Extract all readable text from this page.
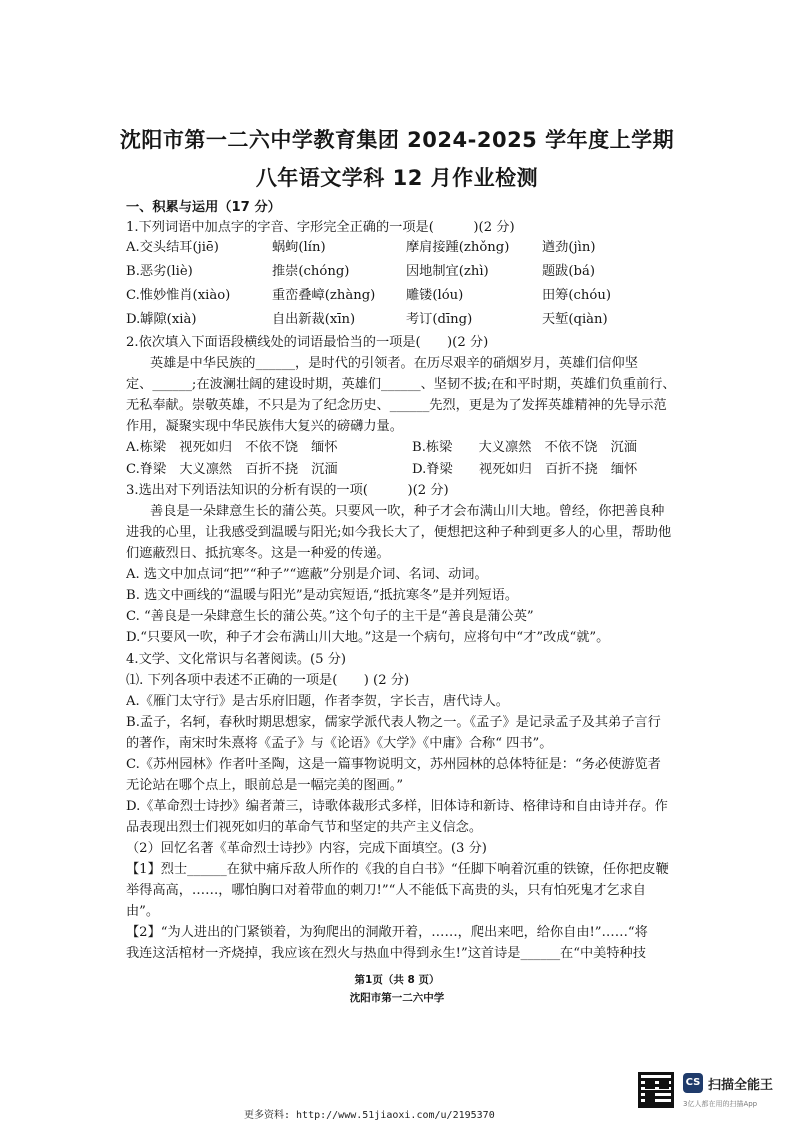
沈阳市第一二六中学教育集团 2024-2025 学年度上学期
八年语文学科 12 月作业检测
一、积累与运用（17 分）
1.下列词语中加点字的字音、字形完全正确的一项是(　　　)(2 分)
A.交头结耳(jiē)	蜗蚼(lín)	摩肩接踵(zhǒng) 遒劲(jìn)
B.恶劣(liè)	推崇(chóng)	因地制宜(zhì)	题跋(bá)
C.惟妙惟肖(xiào)	重峦叠嶂(zhàng) 雕镂(lóu)	田筹(chóu)
D.罅隙(xià)	自出新裁(xīn)	考订(dīng)	天堑(qiàn)
2.依次填入下面语段横线处的词语最恰当的一项是(　　)(2 分)
英雄是中华民族的______，是时代的引领者。在历尽艰辛的硝烟岁月，英雄们信仰坚
定、______;在波澜壮阔的建设时期，英雄们______、坚韧不拔;在和平时期，英雄们负重前行、
无私奉献。崇敬英雄，不只是为了纪念历史、______先烈，更是为了发挥英雄精神的先导示范
作用，凝聚实现中华民族伟大复兴的磅礴力量。
A.栋梁　视死如归　不依不饶　缅怀	B.栋梁　　大义凛然　不依不饶　沉湎
C.脊梁　大义凛然　百折不挠　沉湎	D.脊梁　　视死如归　百折不挠　缅怀
3.选出对下列语法知识的分析有误的一项(　　　)(2 分)
善良是一朵肆意生长的蒲公英。只要风一吹，种子才会布满山川大地。曾经，你把善良种
进我的心里，让我感受到温暖与阳光;如今我长大了，便想把这种子种到更多人的心里，帮助他
们遮蔽烈日、抵抗寒冬。这是一种爱的传递。
A. 选文中加点词“把”“种子”“遮蔽”分别是介词、名词、动词。
B. 选文中画线的“温暖与阳光”是动宾短语,“抵抗寒冬”是并列短语。
C. “善良是一朵肆意生长的蒲公英。”这个句子的主干是“善良是蒲公英”
D.“只要风一吹，种子才会布满山川大地。”这是一个病句，应将句中“才”改成“就”。
4.文学、文化常识与名著阅读。(5 分)
⑴. 下列各项中表述不正确的一项是(　　) (2 分)
A.《雁门太守行》是古乐府旧题，作者李贺，字长吉，唐代诗人。
B.孟子，名轲，春秋时期思想家，儒家学派代表人物之一。《孟子》是记录孟子及其弟子言行
的著作，南宋时朱熹将《孟子》与《论语》《大学》《中庸》合称“ 四书”。
C.《苏州园林》作者叶圣陶，这是一篇事物说明文，苏州园林的总体特征是：“务必使游览者
无论站在哪个点上，眼前总是一幅完美的图画。”
D.《革命烈士诗抄》编者萧三，诗歌体裁形式多样，旧体诗和新诗、格律诗和自由诗并存。作
品表现出烈士们视死如归的革命气节和坚定的共产主义信念。
（2）回忆名著《革命烈士诗抄》内容，完成下面填空。(3 分)
【1】烈士______在狱中痛斥敌人所作的《我的自白书》“任脚下响着沉重的铁镣，任你把皮鞭
举得高高，……，哪怕胸口对着带血的刺刀!”“人不能低下高贵的头，只有怕死鬼才乞求自
由”。
【2】“为人进出的门紧锁着，为狗爬出的洞敞开着，……，爬出来吧，给你自由!”……“将
我连这活棺材一齐烧掉，我应该在烈火与热血中得到永生!”这首诗是______在“中美特种技
第1页（共 8 页）
沈阳市第一二六中学
CS 扫描全能王
3亿人都在用的扫描App
更多资料: http://www.51jiaoxi.com/u/2195370
